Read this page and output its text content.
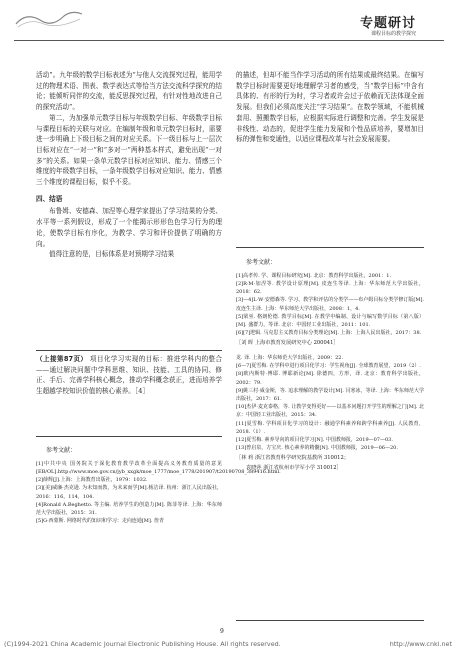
专题研讨
课程目标的教学探究

活动”。九年级的数学目标表述为“与他人交流探究过程，能用学过的物理术语、图表、数学表达式等恰当方法交流科学探究的结论；能倾听同伴的交流，能反思探究过程，有针对性地改进自己的探究活动”。

第二，为加强单元数学目标与年级数学目标、年级数学目标与课程目标的关联与对应。在编制年级和单元数学目标时，需要进一步明确上下级目标之间的对应关系。下一级目标与上一层次目标对应在“一对一”和“多对一”两种基本样式，避免出现“一对多”的关系。如果一条单元数学目标对应知识、能力、情感三个维度的年级数学目标，一条年级数学目标对应知识、能力、情感三个维度的课程目标，似乎不妥。

四、结语

布鲁姆、安德森、加涅等心理学家提出了学习结果的分类、水平等一系列假设，形成了一个能揭示形形色色学习行为的理论，使数学目标有序化，为教学、学习和评价提供了明确的方向。

值得注意的是，目标体系是对预期学习结果

（上接第87页） 项目化学习实现的目标：推进学科内的整合——通过解决问题中学科思维、知识、技能、工具的协同、修正、手后、完善学科核心概念，推动学科概念获正，进而培养学生超越学校知识价值的核心素养。［4］

参考文献：

[1]中共中央 国务院关于深化教育教学改革全面提高义务教育质量的意见[EB/OL].http://www.moe.gov.cn/jyb_xxgk/moe_1777/moe_1778/201907/t20190708_389416.html.

[2]薛辉[J].上海：上海教育出版社，1979：1032.

[3][美]威廉·杰克逊. 为未知而教，为未来而学[M].杨洁译. 杭州：浙江人民出版社，2016：116，114，104.

[4]Ronald A.Beghetto. 等主编. 培养学生的创造力[M]. 陈菲等译. 上海：华东师范大学出版社，2015：31.

[5]G·西蒙斯. 网络时代的知识和学习：走向连通[M]. 詹青

的描述，但却不能当作学习活动的所有结果或最终结果。在编写数学目标时需要更好地理解学习者的感受，当“数学目标”中含有具体的、有形的行为时，学习者或许会过于依赖而无法体现全面发展。但我们必须高度关注“学习结果”。在数学领域，不能机械套用、照搬数学目标，应根据实际进行调整和完善。学生发展是非线性、动态的，促进学生能力发展和个性品质培养，要增加目标的弹性和变通性，以适应课程改革与社会发展需要。

参考文献：

[1]高孝传. 学、课程目标研究[M]. 北京：教育科学出版社，2001：1.

[2]R·M·加涅等. 教学设计原理[M]. 皮连生等译. 上海：华东师范大学出版社，2018：62.

[3]—4]L·W·安德森等. 学习、教学和评估的分类学——布卢姆目标分类学修订版[M]. 皮连生主译. 上海：华东师范大学出版社，2008：1，4.

[5]梁巫. 格朗伦德. 教学目标[M]. 在教学中编制、设计与编写数学目标（第八版）[M]. 盛群力，等译. 北京：中国轻工业出版社，2011：101.

[6][7]逻辑. 马克思主义教育目标分类理论[M]. 上海：上海人民出版社，2017：38.

［刘 晖 上海市教育发展研究中心 200041］

龙. 译. 上海：华东师范大学出版社，2009：22.

[6—7]夏雪梅. 在学科中进行项目化学习：学生视角[J]. 全球教育展望，2019（2）.

[8]欧内斯特·博耶. 博耶新论[M]. 徐德四，方形，译. 北京：教育科学出版社，2002：79.

[9]姚三村·威金斯，等. 追求理解的教学设计[M]. 闫寒冰，等译. 上海：华东师范大学出版社，2017：61.

[10]杰伊·麦克泰格，等. 让教学变得更好——以基本问题打开学生的理解之门[M]. 北京：中国轻工业出版社，2015：34.

[11]夏雪梅. 学科项目化学习的设计：融通学科素养和跨学科素养[J]. 人民教育，2018.（1）.

[12]夏雪梅. 素养导向的项目化学习[N]. 中国教师报，2019—07—03.

[13]曾启泉，方宝庆. 核心素养的精髓[N]. 中国教师报，2019—06—20.

［林 莉 浙江省教育科学研究院基教所 310012；

袁晓萍 浙江省杭州市学军小学 310012］

9
(C)1994-2021 China Academic Journal Electronic Publishing House. All rights reserved.	http://www.cnki.net
